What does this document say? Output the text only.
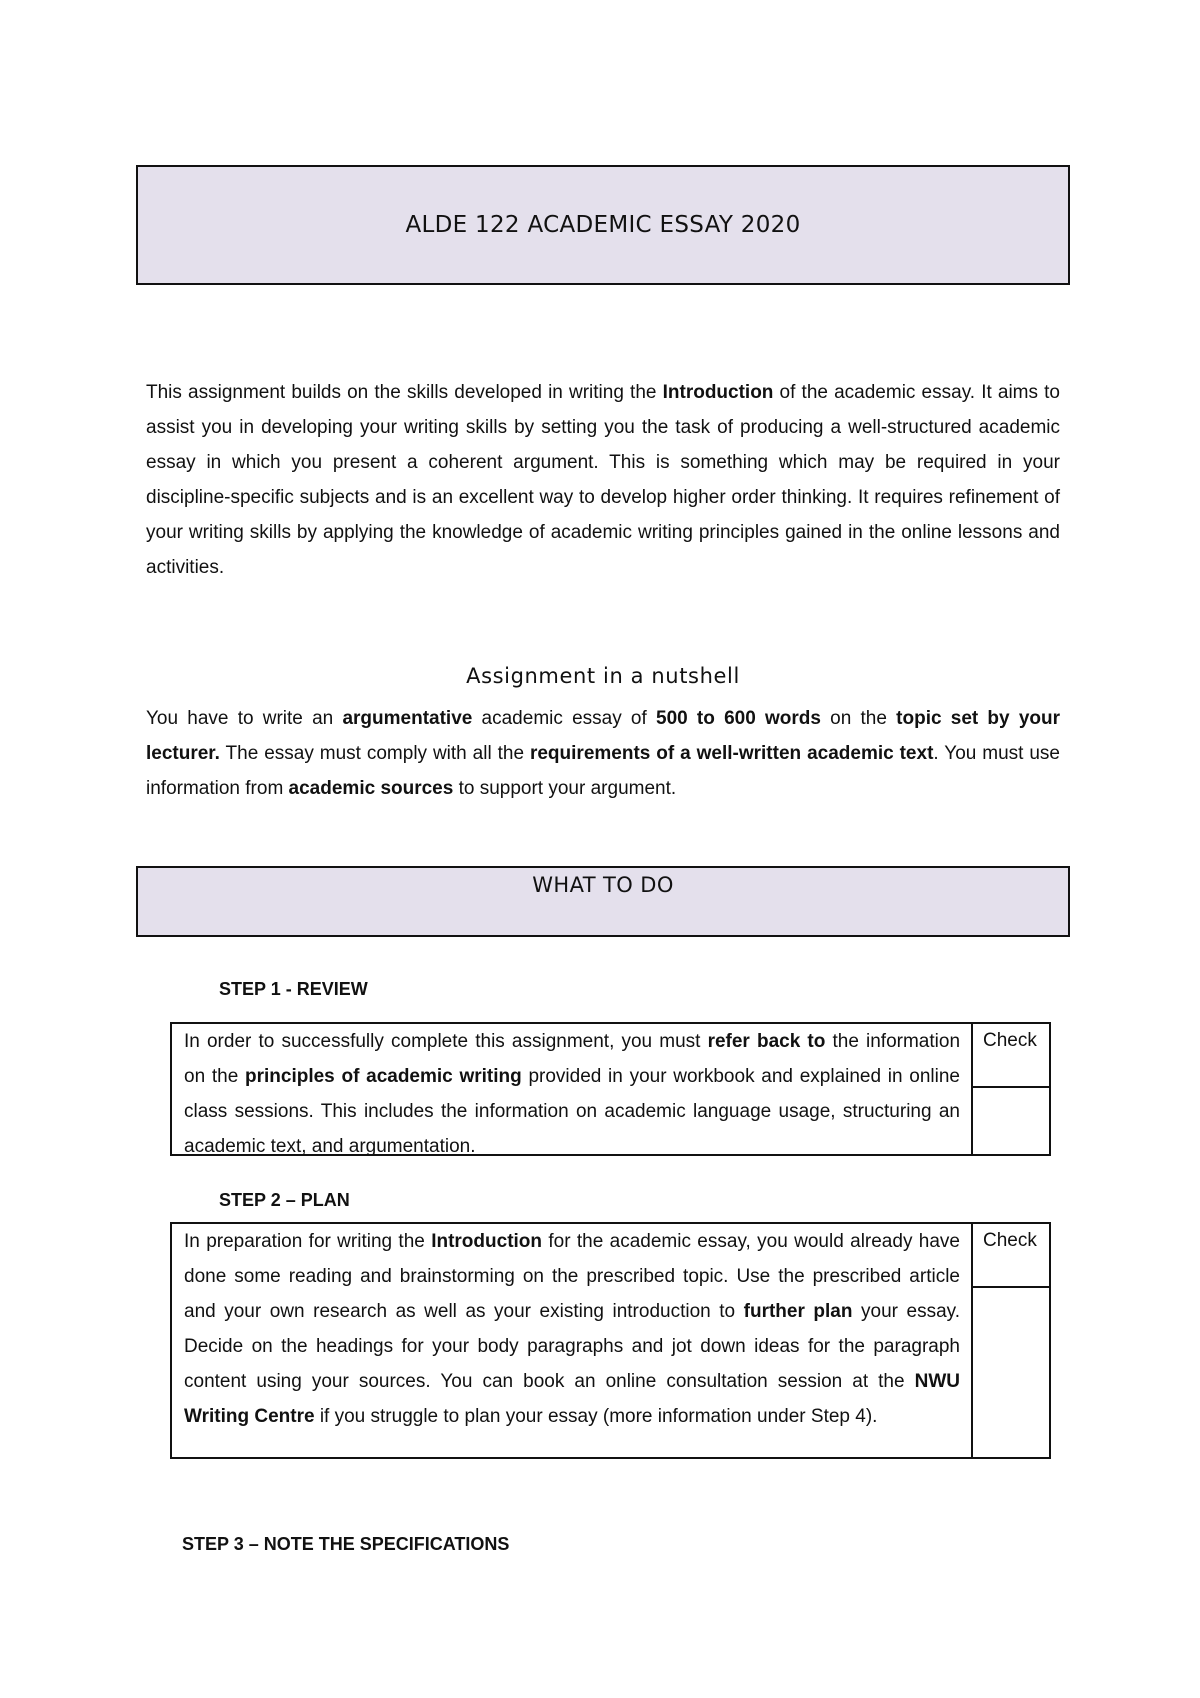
ALDE 122 ACADEMIC ESSAY 2020

This assignment builds on the skills developed in writing the Introduction of the academic essay. It aims to assist you in developing your writing skills by setting you the task of producing a well-structured academic essay in which you present a coherent argument. This is something which may be required in your discipline-specific subjects and is an excellent way to develop higher order thinking. It requires refinement of your writing skills by applying the knowledge of academic writing principles gained in the online lessons and activities.

Assignment in a nutshell

You have to write an argumentative academic essay of 500 to 600 words on the topic set by your lecturer. The essay must comply with all the requirements of a well-written academic text. You must use information from academic sources to support your argument.

WHAT TO DO
STEP 1 - REVIEW
In order to successfully complete this assignment, you must refer back to the information on the principles of academic writing provided in your workbook and explained in online class sessions. This includes the information on academic language usage, structuring an academic text, and argumentation.
Check
STEP 2 – PLAN
In preparation for writing the Introduction for the academic essay, you would already have done some reading and brainstorming on the prescribed topic. Use the prescribed article and your own research as well as your existing introduction to further plan your essay. Decide on the headings for your body paragraphs and jot down ideas for the paragraph content using your sources. You can book an online consultation session at the NWU Writing Centre if you struggle to plan your essay (more information under Step 4).
Check
STEP 3 – NOTE THE SPECIFICATIONS
